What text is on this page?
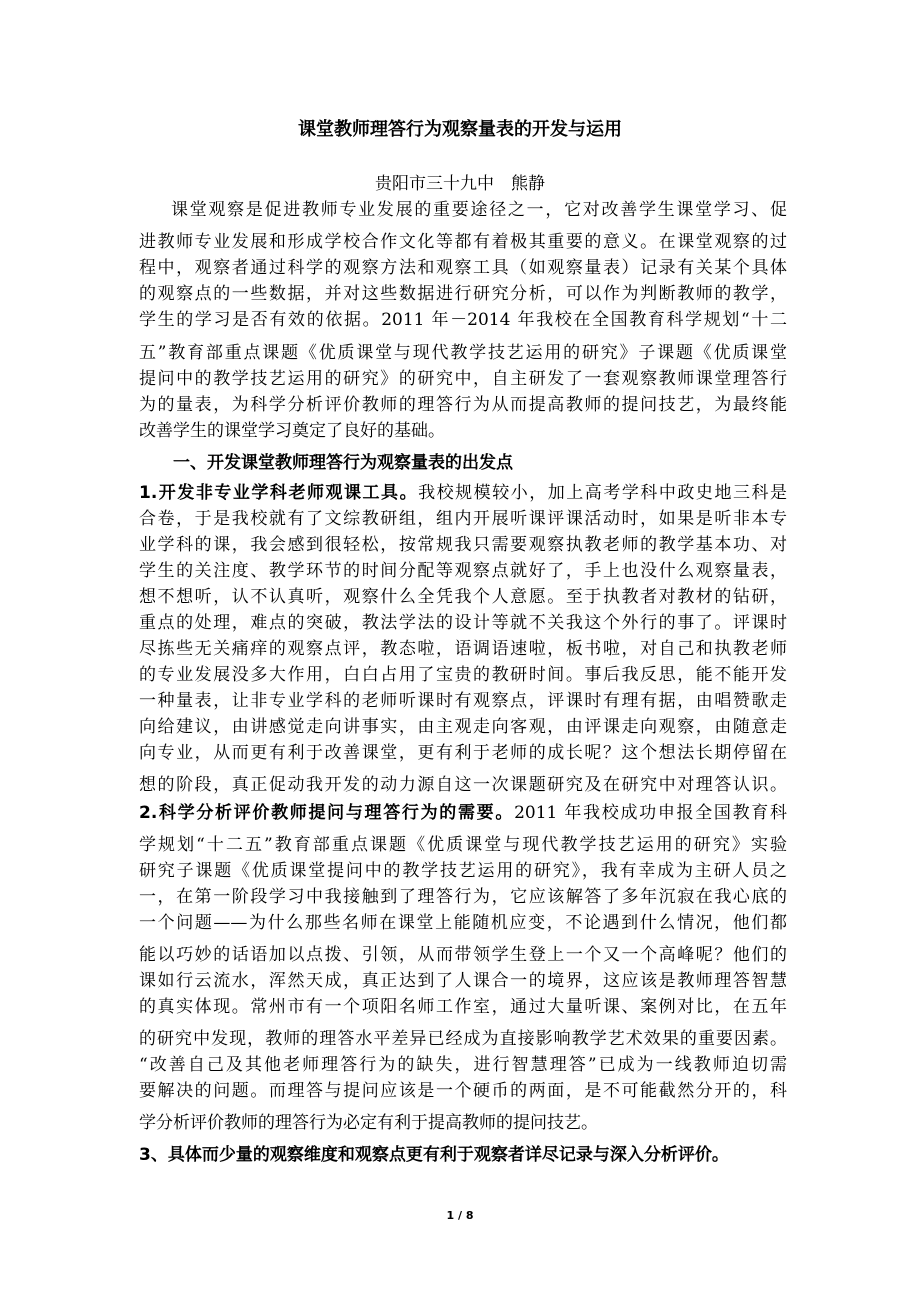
课堂教师理答行为观察量表的开发与运用
贵阳市三十九中　熊静
课堂观察是促进教师专业发展的重要途径之一，它对改善学生课堂学习、促
进教师专业发展和形成学校合作文化等都有着极其重要的意义。在课堂观察的过
程中，观察者通过科学的观察方法和观察工具（如观察量表）记录有关某个具体
的观察点的一些数据，并对这些数据进行研究分析，可以作为判断教师的教学，
学生的学习是否有效的依据。2011 年－2014 年我校在全国教育科学规划“十二
五”教育部重点课题《优质课堂与现代教学技艺运用的研究》子课题《优质课堂
提问中的教学技艺运用的研究》的研究中，自主研发了一套观察教师课堂理答行
为的量表，为科学分析评价教师的理答行为从而提高教师的提问技艺，为最终能
改善学生的课堂学习奠定了良好的基础。
一、开发课堂教师理答行为观察量表的出发点
1.开发非专业学科老师观课工具。我校规模较小，加上高考学科中政史地三科是
合卷，于是我校就有了文综教研组，组内开展听课评课活动时，如果是听非本专
业学科的课，我会感到很轻松，按常规我只需要观察执教老师的教学基本功、对
学生的关注度、教学环节的时间分配等观察点就好了，手上也没什么观察量表，
想不想听，认不认真听，观察什么全凭我个人意愿。至于执教者对教材的钻研，
重点的处理，难点的突破，教法学法的设计等就不关我这个外行的事了。评课时
尽拣些无关痛痒的观察点评，教态啦，语调语速啦，板书啦，对自己和执教老师
的专业发展没多大作用，白白占用了宝贵的教研时间。事后我反思，能不能开发
一种量表，让非专业学科的老师听课时有观察点，评课时有理有据，由唱赞歌走
向给建议，由讲感觉走向讲事实，由主观走向客观，由评课走向观察，由随意走
向专业，从而更有利于改善课堂，更有利于老师的成长呢？这个想法长期停留在
想的阶段，真正促动我开发的动力源自这一次课题研究及在研究中对理答认识。
2.科学分析评价教师提问与理答行为的需要。2011 年我校成功申报全国教育科
学规划“十二五”教育部重点课题《优质课堂与现代教学技艺运用的研究》实验
研究子课题《优质课堂提问中的教学技艺运用的研究》，我有幸成为主研人员之
一，在第一阶段学习中我接触到了理答行为，它应该解答了多年沉寂在我心底的
一个问题——为什么那些名师在课堂上能随机应变，不论遇到什么情况，他们都
能以巧妙的话语加以点拨、引领，从而带领学生登上一个又一个高峰呢？他们的
课如行云流水，浑然天成，真正达到了人课合一的境界，这应该是教师理答智慧
的真实体现。常州市有一个项阳名师工作室，通过大量听课、案例对比，在五年
的研究中发现，教师的理答水平差异已经成为直接影响教学艺术效果的重要因素。
“改善自己及其他老师理答行为的缺失，进行智慧理答”已成为一线教师迫切需
要解决的问题。而理答与提问应该是一个硬币的两面，是不可能截然分开的，科
学分析评价教师的理答行为必定有利于提高教师的提问技艺。
3、具体而少量的观察维度和观察点更有利于观察者详尽记录与深入分析评价。
1 / 8
